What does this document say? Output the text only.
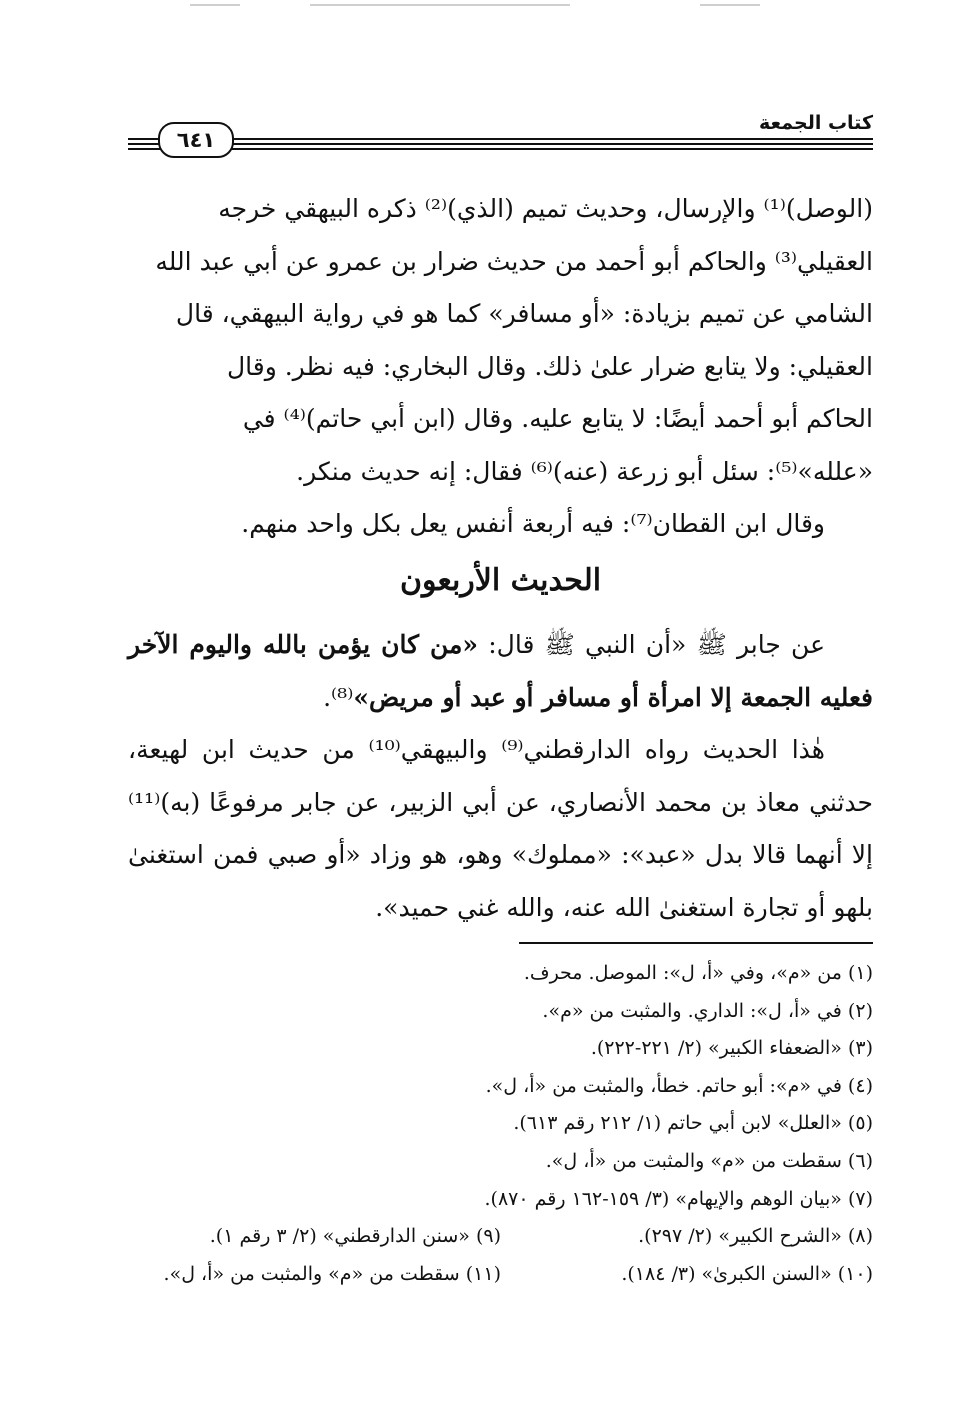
كتاب الجمعة
٦٤١

(الوصل)⁽¹⁾ والإرسال، وحديث تميم (الذي)⁽²⁾ ذكره البيهقي خرجه

العقيلي⁽³⁾ والحاكم أبو أحمد من حديث ضرار بن عمرو عن أبي عبد الله

الشامي عن تميم بزيادة: «أو مسافر» كما هو في رواية البيهقي، قال

العقيلي: ولا يتابع ضرار علىٰ ذلك. وقال البخاري: فيه نظر. وقال

الحاكم أبو أحمد أيضًا: لا يتابع عليه. وقال (ابن أبي حاتم)⁽⁴⁾ في

«علله»⁽⁵⁾: سئل أبو زرعة (عنه)⁽⁶⁾ فقال: إنه حديث منكر.

وقال ابن القطان⁽⁷⁾: فيه أربعة أنفس يعل بكل واحد منهم.

الحديث الأربعون

عن جابر ﷺ «أن النبي ﷺ قال: «من كان يؤمن بالله واليوم الآخر فعليه الجمعة إلا امرأة أو مسافر أو عبد أو مريض»⁽⁸⁾.

هٰذا الحديث رواه الدارقطني⁽⁹⁾ والبيهقي⁽¹⁰⁾ من حديث ابن لهيعة، حدثني معاذ بن محمد الأنصاري، عن أبي الزبير، عن جابر مرفوعًا (به)⁽¹¹⁾ إلا أنهما قالا بدل «عبد»: «مملوك» وهو، هو وزاد «أو صبي فمن استغنىٰ بلهو أو تجارة استغنىٰ الله عنه، والله غني حميد».

(١) من «م»، وفي «أ، ل»: الموصل. محرف.
(٢) في «أ، ل»: الداري. والمثبت من «م».
(٣) «الضعفاء الكبير» (٢/ ٢٢١-٢٢٢).
(٤) في «م»: أبو حاتم. خطأ، والمثبت من «أ، ل».
(٥) «العلل» لابن أبي حاتم (١/ ٢١٢ رقم ٦١٣).
(٦) سقطت من «م» والمثبت من «أ، ل».
(٧) «بيان الوهم والإيهام» (٣/ ١٥٩-١٦٢ رقم ٨٧٠).
(٨) «الشرح الكبير» (٢/ ٢٩٧).
(٩) «سنن الدارقطني» (٢/ ٣ رقم ١).
(١٠) «السنن الكبرىٰ» (٣/ ١٨٤).
(١١) سقطت من «م» والمثبت من «أ، ل».
